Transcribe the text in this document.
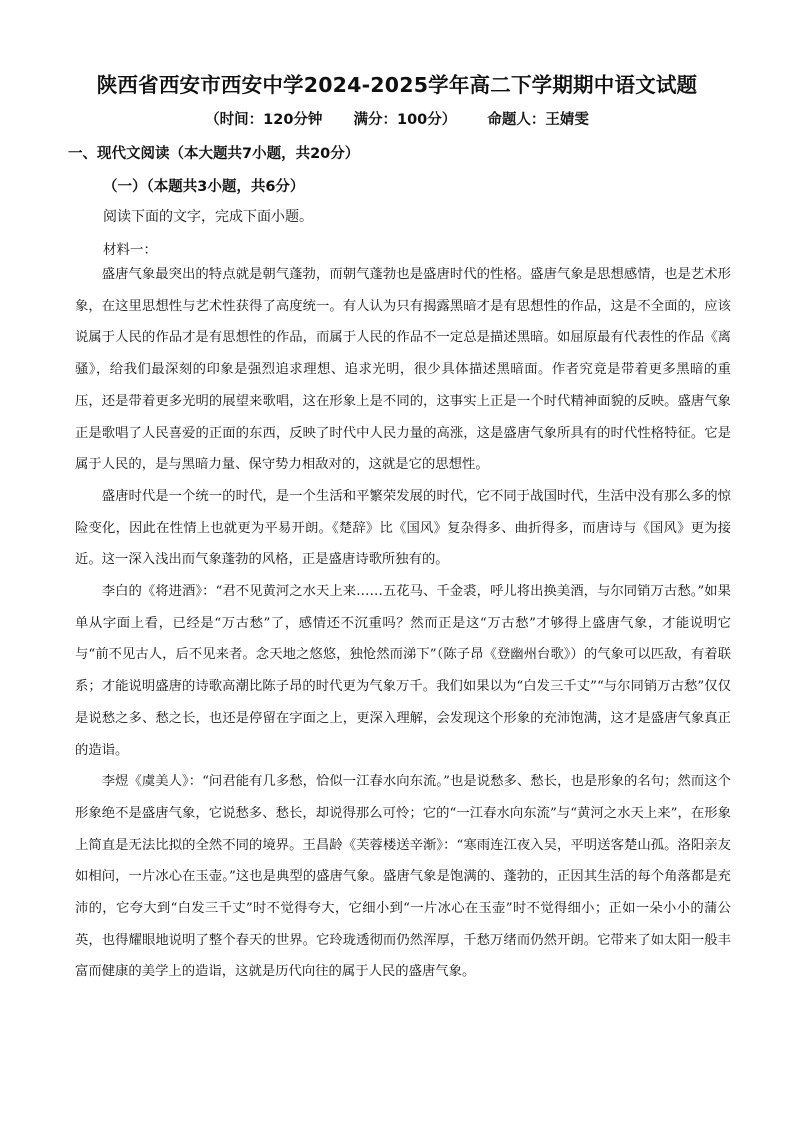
陕西省西安市西安中学2024-2025学年高二下学期期中语文试题
（时间：120分钟 满分：100分） 命题人：王婧雯
一、现代文阅读（本大题共7小题，共20分）
（一）（本题共3小题，共6分）
阅读下面的文字，完成下面小题。
材料一：

盛唐气象最突出的特点就是朝气蓬勃，而朝气蓬勃也是盛唐时代的性格。盛唐气象是思想感情，也是艺术形象，在这里思想性与艺术性获得了高度统一。有人认为只有揭露黑暗才是有思想性的作品，这是不全面的，应该说属于人民的作品才是有思想性的作品，而属于人民的作品不一定总是描述黑暗。如屈原最有代表性的作品《离骚》，给我们最深刻的印象是强烈追求理想、追求光明，很少具体描述黑暗面。作者究竟是带着更多黑暗的重压，还是带着更多光明的展望来歌唱，这在形象上是不同的，这事实上正是一个时代精神面貌的反映。盛唐气象正是歌唱了人民喜爱的正面的东西，反映了时代中人民力量的高涨，这是盛唐气象所具有的时代性格特征。它是属于人民的，是与黑暗力量、保守势力相敌对的，这就是它的思想性。

盛唐时代是一个统一的时代，是一个生活和平繁荣发展的时代，它不同于战国时代，生活中没有那么多的惊险变化，因此在性情上也就更为平易开朗。《楚辞》比《国风》复杂得多、曲折得多，而唐诗与《国风》更为接近。这一深入浅出而气象蓬勃的风格，正是盛唐诗歌所独有的。

李白的《将进酒》：“君不见黄河之水天上来……五花马、千金裘，呼儿将出换美酒，与尔同销万古愁。”如果单从字面上看，已经是“万古愁”了，感情还不沉重吗？然而正是这“万古愁”才够得上盛唐气象，才能说明它与“前不见古人，后不见来者。念天地之悠悠，独怆然而涕下”（陈子昂《登幽州台歌》）的气象可以匹敌，有着联系；才能说明盛唐的诗歌高潮比陈子昂的时代更为气象万千。我们如果以为“白发三千丈”“与尔同销万古愁”仅仅是说愁之多、愁之长，也还是停留在字面之上，更深入理解，会发现这个形象的充沛饱满，这才是盛唐气象真正的造诣。

李煜《虞美人》：“问君能有几多愁，恰似一江春水向东流。”也是说愁多、愁长，也是形象的名句；然而这个形象绝不是盛唐气象，它说愁多、愁长，却说得那么可怜；它的“一江春水向东流”与“黄河之水天上来”，在形象上简直是无法比拟的全然不同的境界。王昌龄《芙蓉楼送辛渐》：“寒雨连江夜入吴，平明送客楚山孤。洛阳亲友如相问，一片冰心在玉壶。”这也是典型的盛唐气象。盛唐气象是饱满的、蓬勃的，正因其生活的每个角落都是充沛的，它夸大到“白发三千丈”时不觉得夸大，它细小到“一片冰心在玉壶”时不觉得细小；正如一朵小小的蒲公英，也得耀眼地说明了整个春天的世界。它玲珑透彻而仍然浑厚，千愁万绪而仍然开朗。它带来了如太阳一般丰富而健康的美学上的造诣，这就是历代向往的属于人民的盛唐气象。
